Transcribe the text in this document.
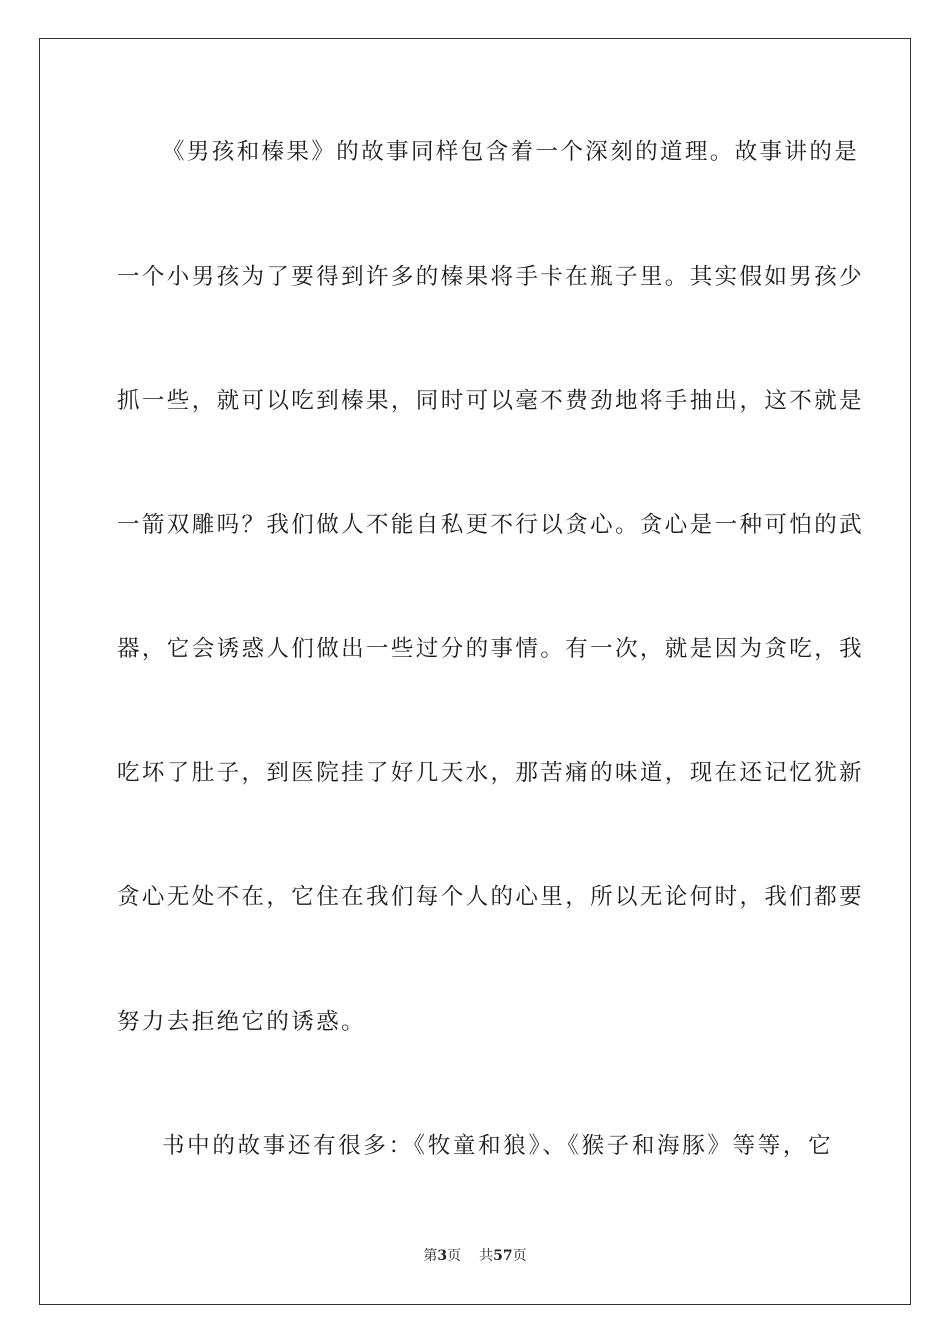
《男孩和榛果》的故事同样包含着一个深刻的道理。故事讲的是
一个小男孩为了要得到许多的榛果将手卡在瓶子里。其实假如男孩少
抓一些，就可以吃到榛果，同时可以毫不费劲地将手抽出，这不就是
一箭双雕吗？我们做人不能自私更不行以贪心。贪心是一种可怕的武
器，它会诱惑人们做出一些过分的事情。有一次，就是因为贪吃，我
吃坏了肚子，到医院挂了好几天水，那苦痛的味道，现在还记忆犹新
贪心无处不在，它住在我们每个人的心里，所以无论何时，我们都要
努力去拒绝它的诱惑。
书中的故事还有很多：《牧童和狼》、《猴子和海豚》等等，它
第3页 共57页
